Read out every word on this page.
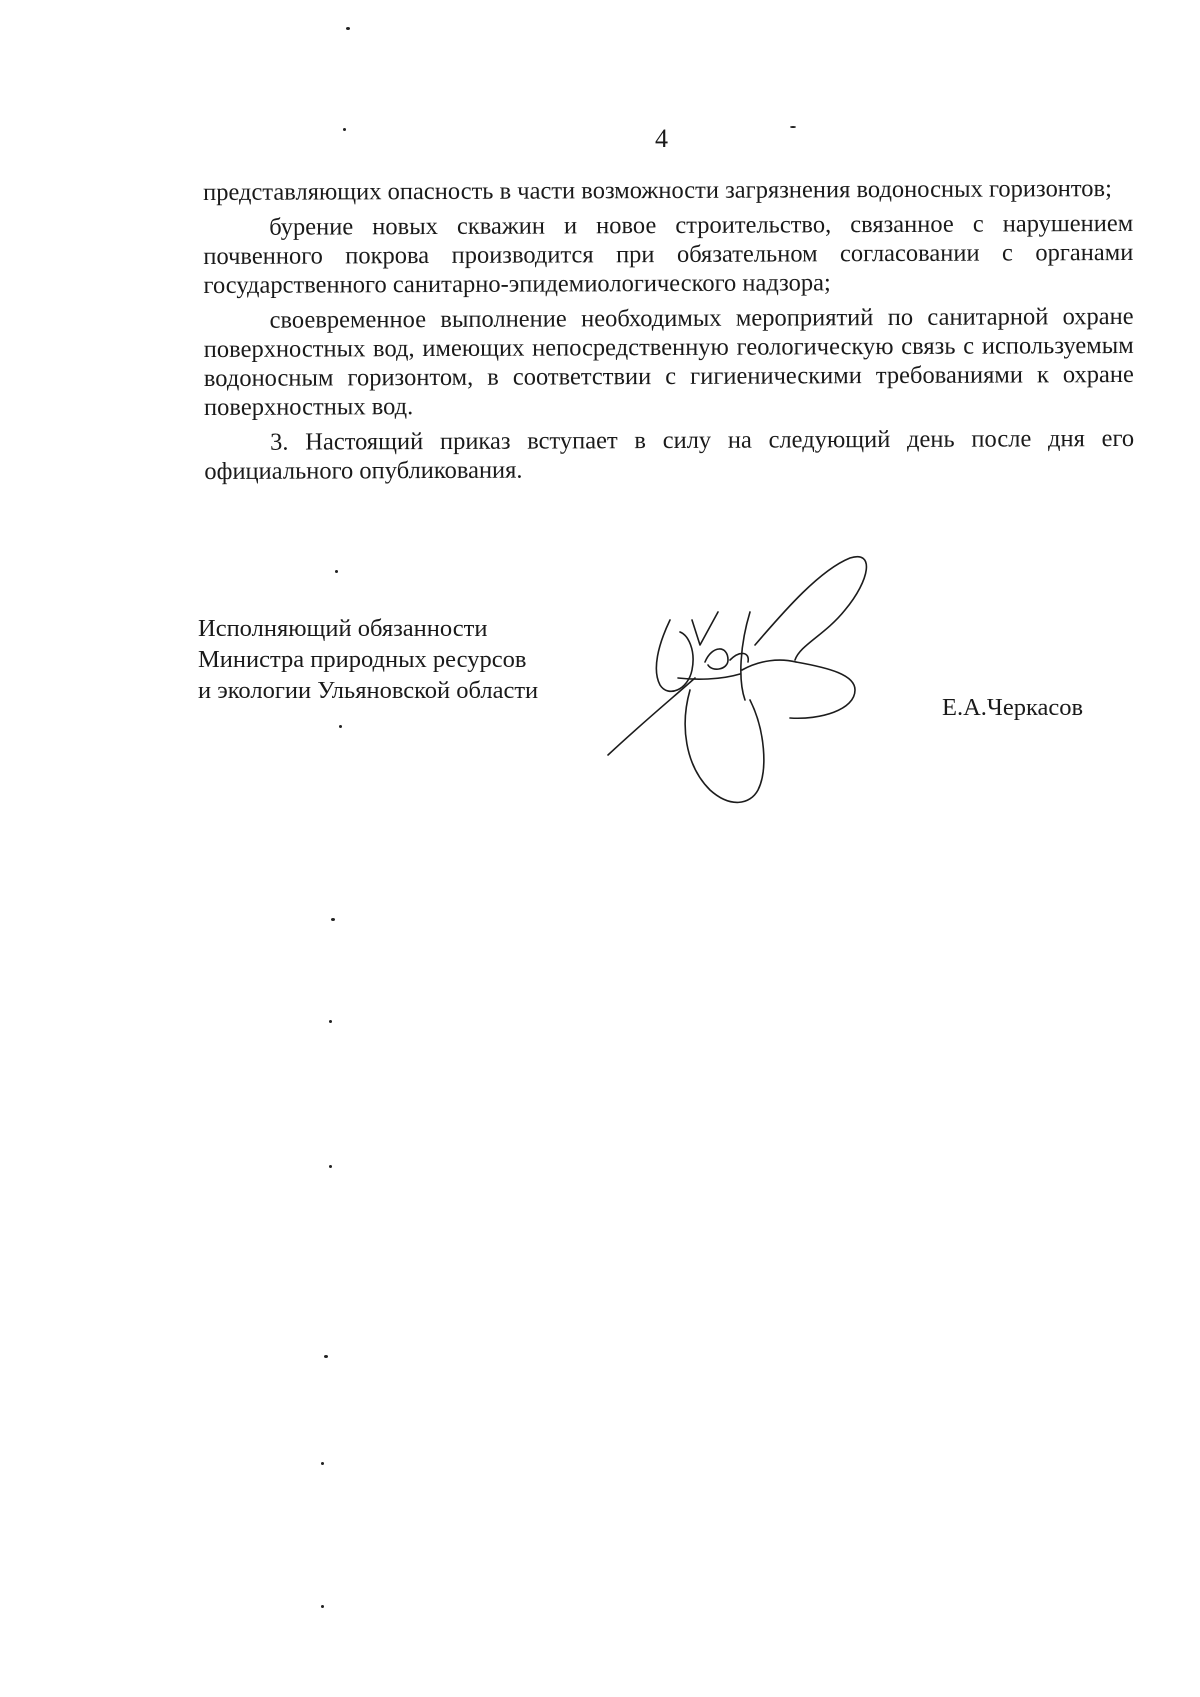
4

представляющих опасность в части возможности загрязнения водоносных горизонтов;

бурение новых скважин и новое строительство, связанное с нарушением почвенного покрова производится при обязательном согласовании с органами государственного санитарно-эпидемиологического надзора;

своевременное выполнение необходимых мероприятий по санитарной охране поверхностных вод, имеющих непосредственную геологическую связь с используемым водоносным горизонтом, в соответствии с гигиеническими требованиями к охране поверхностных вод.

3. Настоящий приказ вступает в силу на следующий день после дня его официального опубликования.

Исполняющий обязанности
Министра природных ресурсов
и экологии Ульяновской области
Е.А.Черкасов
